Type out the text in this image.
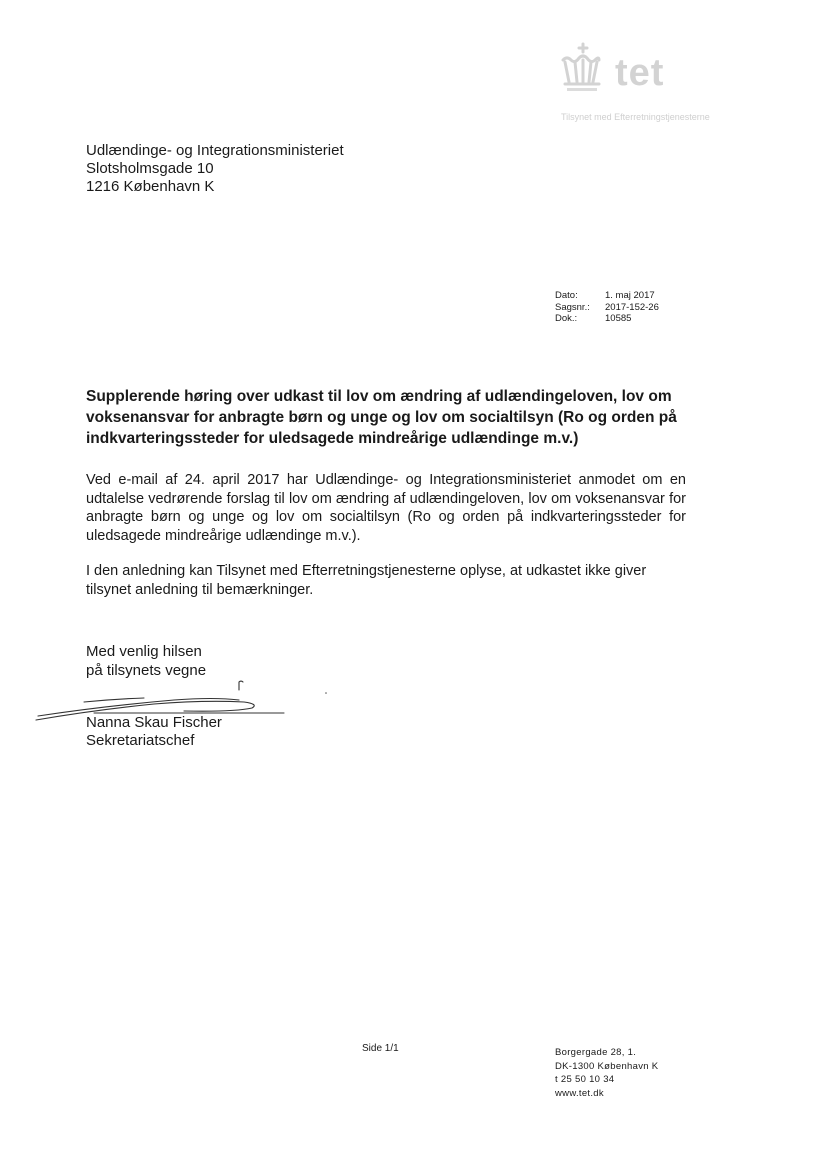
tet
Tilsynet med Efterretningstjenesterne
Udlændinge- og Integrationsministeriet
Slotsholmsgade 10
1216 København K
Dato:	1. maj 2017
Sagsnr.:	2017-152-26
Dok.:	10585
Supplerende høring over udkast til lov om ændring af udlændingeloven, lov om voksenansvar for anbragte børn og unge og lov om socialtilsyn (Ro og orden på indkvarteringssteder for uledsagede mindreårige udlændinge m.v.)

Ved e-mail af 24. april 2017 har Udlændinge- og Integrationsministeriet anmodet om en udtalelse vedrørende forslag til lov om ændring af udlændingeloven, lov om voksenansvar for anbragte børn og unge og lov om socialtilsyn (Ro og orden på indkvarteringssteder for uledsagede mindreårige udlændinge m.v.).

I den anledning kan Tilsynet med Efterretningstjenesterne oplyse, at udkastet ikke giver tilsynet anledning til bemærkninger.

Med venlig hilsen
på tilsynets vegne
Nanna Skau Fischer
Sekretariatschef
Side 1/1	Borgergade 28, 1.
DK-1300 København K
t 25 50 10 34
www.tet.dk
